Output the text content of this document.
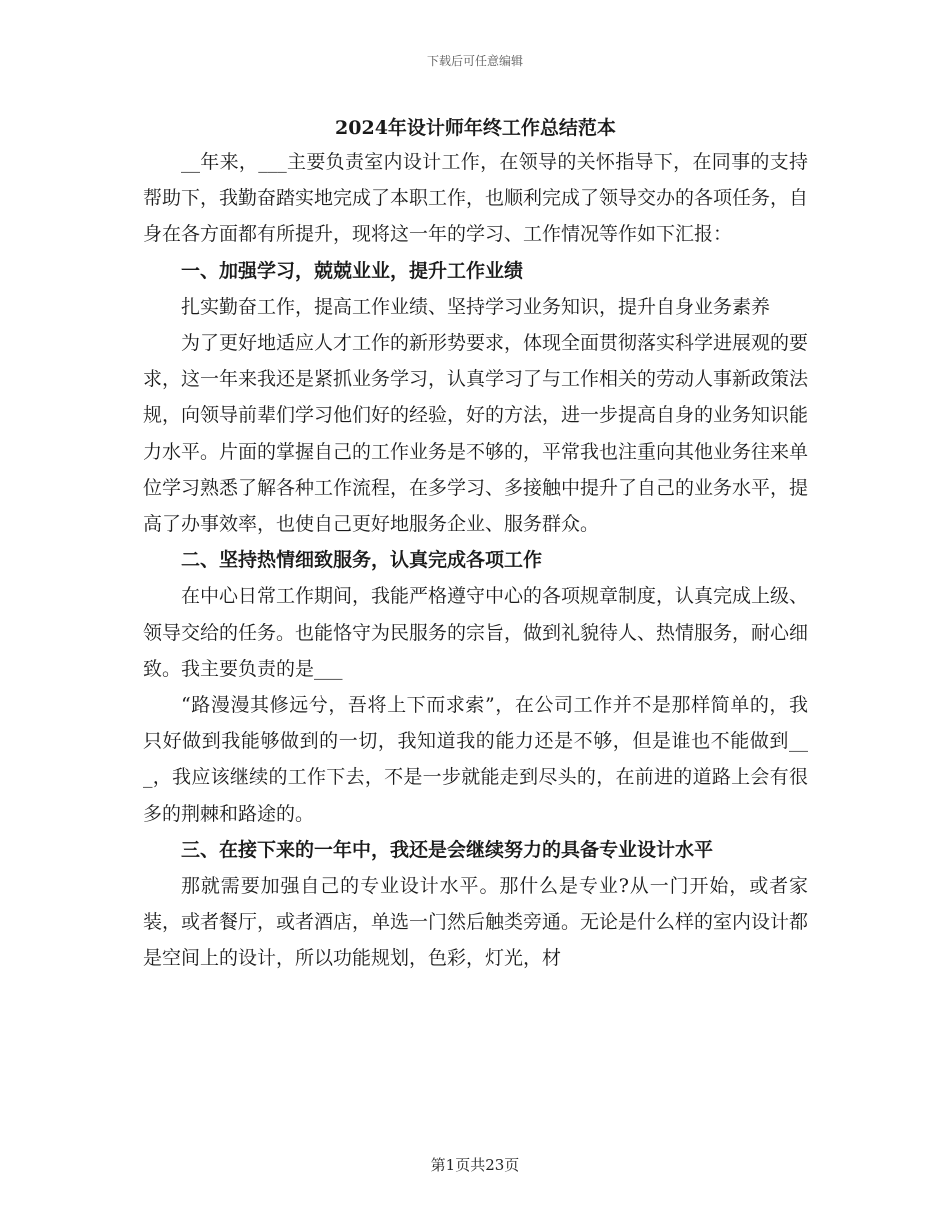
下载后可任意编辑
2024年设计师年终工作总结范本

__年来，___主要负责室内设计工作，在领导的关怀指导下，在同事的支持帮助下，我勤奋踏实地完成了本职工作，也顺利完成了领导交办的各项任务，自身在各方面都有所提升，现将这一年的学习、工作情况等作如下汇报：

一、加强学习，兢兢业业，提升工作业绩

扎实勤奋工作，提高工作业绩、坚持学习业务知识，提升自身业务素养

为了更好地适应人才工作的新形势要求，体现全面贯彻落实科学进展观的要求，这一年来我还是紧抓业务学习，认真学习了与工作相关的劳动人事新政策法规，向领导前辈们学习他们好的经验，好的方法，进一步提高自身的业务知识能力水平。片面的掌握自己的工作业务是不够的，平常我也注重向其他业务往来单位学习熟悉了解各种工作流程，在多学习、多接触中提升了自己的业务水平，提高了办事效率，也使自己更好地服务企业、服务群众。

二、坚持热情细致服务，认真完成各项工作

在中心日常工作期间，我能严格遵守中心的各项规章制度，认真完成上级、领导交给的任务。也能恪守为民服务的宗旨，做到礼貌待人、热情服务，耐心细致。我主要负责的是___

“路漫漫其修远兮，吾将上下而求索”，在公司工作并不是那样简单的，我只好做到我能够做到的一切，我知道我的能力还是不够，但是谁也不能做到___，我应该继续的工作下去，不是一步就能走到尽头的，在前进的道路上会有很多的荆棘和路途的。

三、在接下来的一年中，我还是会继续努力的具备专业设计水平

那就需要加强自己的专业设计水平。那什么是专业?从一门开始，或者家装，或者餐厅，或者酒店，单选一门然后触类旁通。无论是什么样的室内设计都是空间上的设计，所以功能规划，色彩，灯光，材

第1页共23页
